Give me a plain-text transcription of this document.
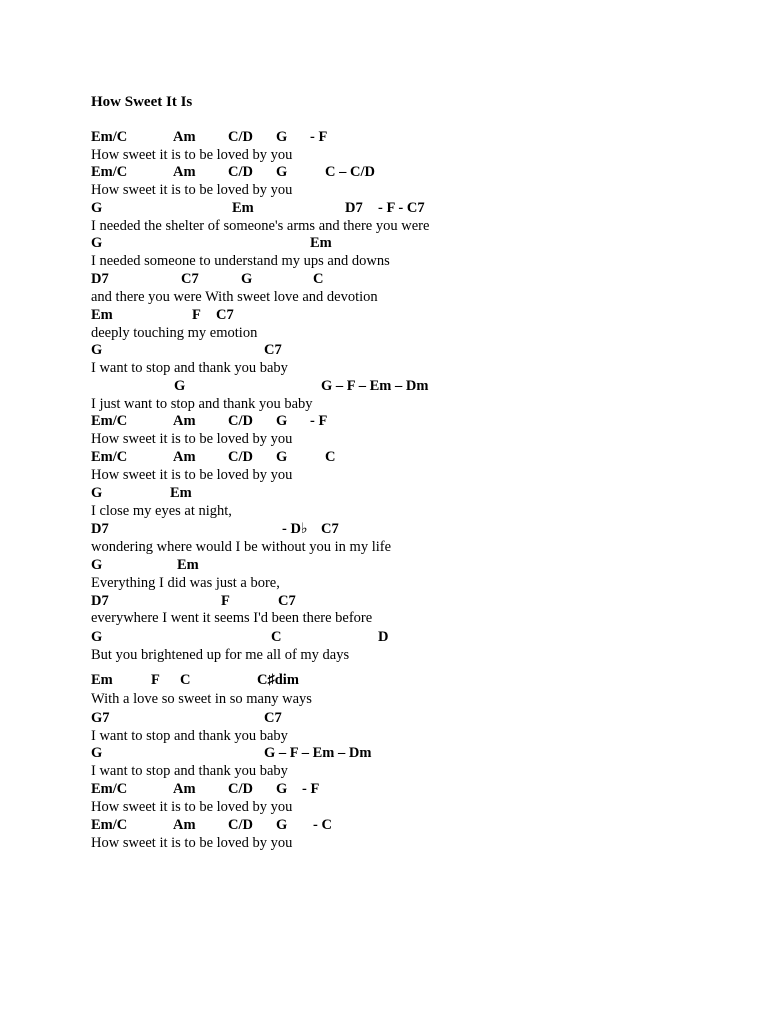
How Sweet It Is
Em/C	Am C/D G - F
How sweet it is to be loved by you
Em/C	Am C/D G	C – C/D
How sweet it is to be loved by you
G	Em	D7 - F - C7
I needed the shelter of someone's arms and there you were
G	Em
I needed someone to understand my ups and downs
D7	C7	G	C
and there you were With sweet love and devotion
Em	F C7
deeply touching my emotion
G	C7
I want to stop and thank you baby
G	G – F – Em – Dm
I just want to stop and thank you baby
Em/C	Am C/D G - F
How sweet it is to be loved by you
Em/C	Am C/D G	C
How sweet it is to be loved by you
G	Em
I close my eyes at night,
D7	- D♭ C7
wondering where would I be without you in my life
G	Em
Everything I did was just a bore,
D7	F	C7
everywhere I went it seems I'd been there before
G	C	D
But you brightened up for me all of my days
Em	F C	C♯dim
With a love so sweet in so many ways
G7	C7
I want to stop and thank you baby
G	G – F – Em – Dm
I want to stop and thank you baby
Em/C	Am C/D G - F
How sweet it is to be loved by you
Em/C	Am C/D G - C
How sweet it is to be loved by you
